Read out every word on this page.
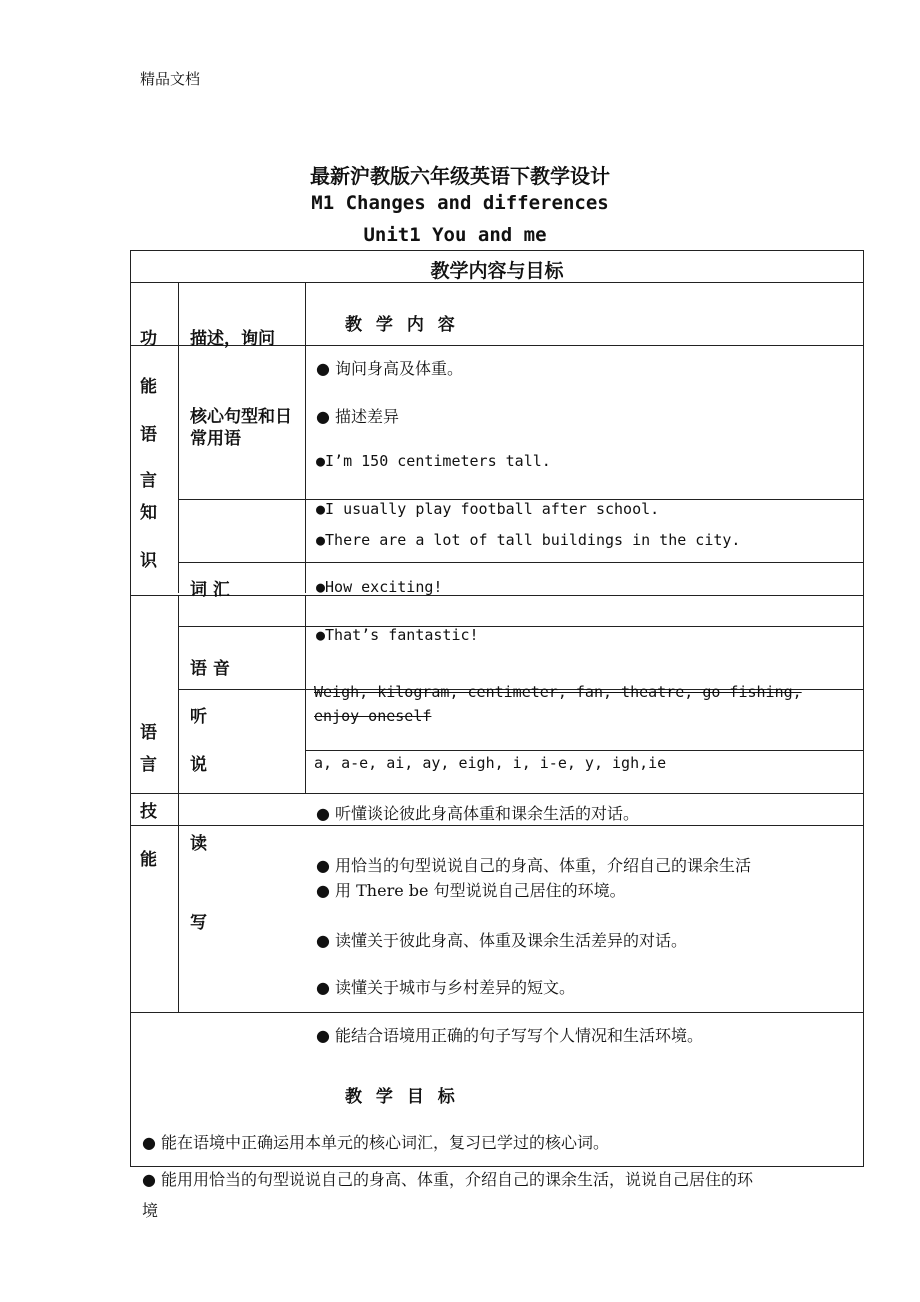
精品文档
最新沪教版六年级英语下教学设计
M1 Changes and differences
Unit1 You and me
教学内容与目标
功 描述，询问
教 学 内 容
能
语
言
知
识
核心句型和日常用语
● 询问身高及体重。
● 描述差异
●I’m 150 centimeters tall.
●I usually play football after school.
●There are a lot of tall buildings in the city.
●How exciting!
●That’s fantastic!
词 汇
语 音
听
说
Weigh, kilogram, centimeter, fan, theatre, go fishing, enjoy oneself
a, a-e, ai, ay, eigh, i, i-e, y, igh,ie
语
言
技
能
● 听懂谈论彼此身高体重和课余生活的对话。
读
写
● 用恰当的句型说说自己的身高、体重，介绍自己的课余生活
● 用 There be 句型说说自己居住的环境。
● 读懂关于彼此身高、体重及课余生活差异的对话。
● 读懂关于城市与乡村差异的短文。
● 能结合语境用正确的句子写写个人情况和生活环境。
教 学 目 标
● 能在语境中正确运用本单元的核心词汇，复习已学过的核心词。
● 能用用恰当的句型说说自己的身高、体重，介绍自己的课余生活，说说自己居住的环
境
